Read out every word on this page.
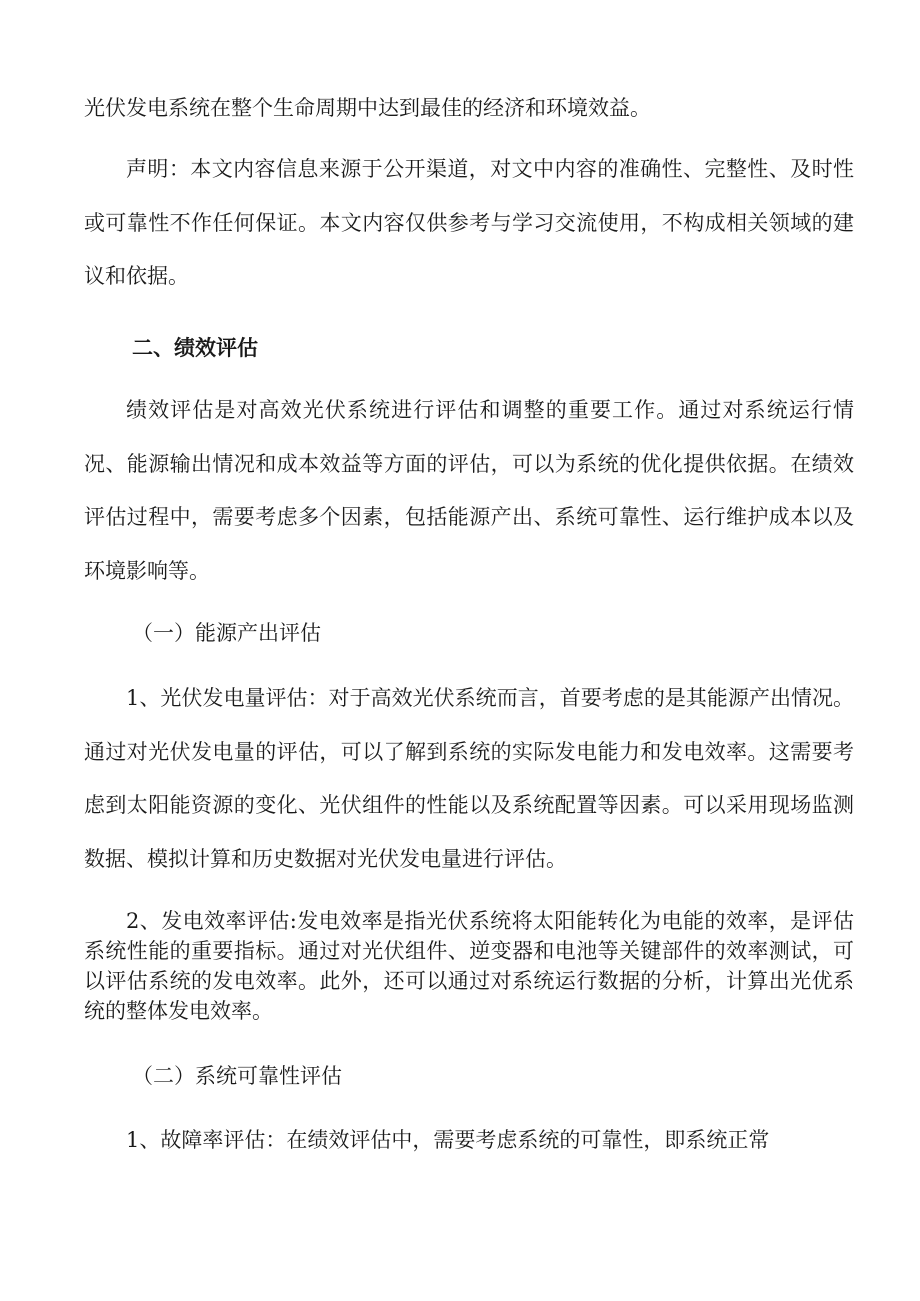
光伏发电系统在整个生命周期中达到最佳的经济和环境效益。

声明：本文内容信息来源于公开渠道，对文中内容的准确性、完整性、及时性或可靠性不作任何保证。本文内容仅供参考与学习交流使用，不构成相关领域的建议和依据。

二、绩效评估

绩效评估是对高效光伏系统进行评估和调整的重要工作。通过对系统运行情况、能源输出情况和成本效益等方面的评估，可以为系统的优化提供依据。在绩效评估过程中，需要考虑多个因素，包括能源产出、系统可靠性、运行维护成本以及环境影响等。

（一）能源产出评估

1、光伏发电量评估：对于高效光伏系统而言，首要考虑的是其能源产出情况。通过对光伏发电量的评估，可以了解到系统的实际发电能力和发电效率。这需要考虑到太阳能资源的变化、光伏组件的性能以及系统配置等因素。可以采用现场监测数据、模拟计算和历史数据对光伏发电量进行评估。

2、发电效率评估:发电效率是指光伏系统将太阳能转化为电能的效率，是评估系统性能的重要指标。通过对光伏组件、逆变器和电池等关键部件的效率测试，可以评估系统的发电效率。此外，还可以通过对系统运行数据的分析，计算出光优系统的整体发电效率。

（二）系统可靠性评估

1、故障率评估：在绩效评估中，需要考虑系统的可靠性，即系统正常
